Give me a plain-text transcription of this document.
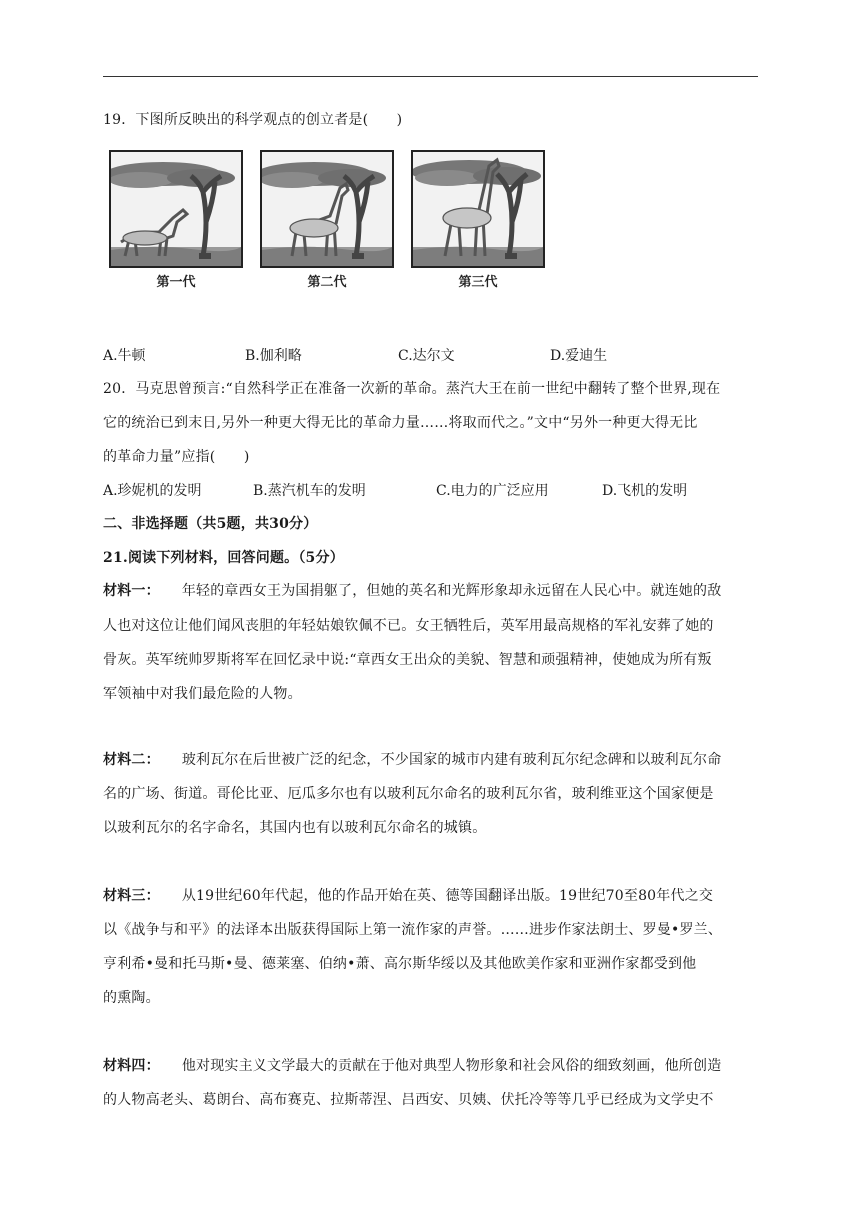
19．下图所反映出的科学观点的创立者是(　　)
第一代	第二代	第三代
A.牛顿	B.伽利略	C.达尔文	D.爱迪生
20．马克思曾预言:“自然科学正在准备一次新的革命。蒸汽大王在前一世纪中翻转了整个世界,现在
它的统治已到末日,另外一种更大得无比的革命力量……将取而代之。”文中“另外一种更大得无比
的革命力量”应指(　　)
A.珍妮机的发明	B.蒸汽机车的发明	C.电力的广泛应用	D.飞机的发明
二、非选择题（共5题，共30分）
21.阅读下列材料，回答问题。（5分）
材料一： 年轻的章西女王为国捐躯了，但她的英名和光辉形象却永远留在人民心中。就连她的敌
人也对这位让他们闻风丧胆的年轻姑娘钦佩不已。女王牺牲后，英军用最高规格的军礼安葬了她的
骨灰。英军统帅罗斯将军在回忆录中说:“章西女王出众的美貌、智慧和顽强精神，使她成为所有叛
军领袖中对我们最危险的人物。
材料二： 玻利瓦尔在后世被广泛的纪念，不少国家的城市内建有玻利瓦尔纪念碑和以玻利瓦尔命
名的广场、街道。哥伦比亚、厄瓜多尔也有以玻利瓦尔命名的玻利瓦尔省，玻利维亚这个国家便是
以玻利瓦尔的名字命名，其国内也有以玻利瓦尔命名的城镇。
材料三： 从19世纪60年代起，他的作品开始在英、德等国翻译出版。19世纪70至80年代之交
以《战争与和平》的法译本出版获得国际上第一流作家的声誉。……进步作家法朗士、罗曼•罗兰、
亨利希•曼和托马斯•曼、德莱塞、伯纳•萧、高尔斯华绥以及其他欧美作家和亚洲作家都受到他
的熏陶。
材料四： 他对现实主义文学最大的贡献在于他对典型人物形象和社会风俗的细致刻画，他所创造
的人物高老头、葛朗台、高布赛克、拉斯蒂涅、吕西安、贝姨、伏托冷等等几乎已经成为文学史不
